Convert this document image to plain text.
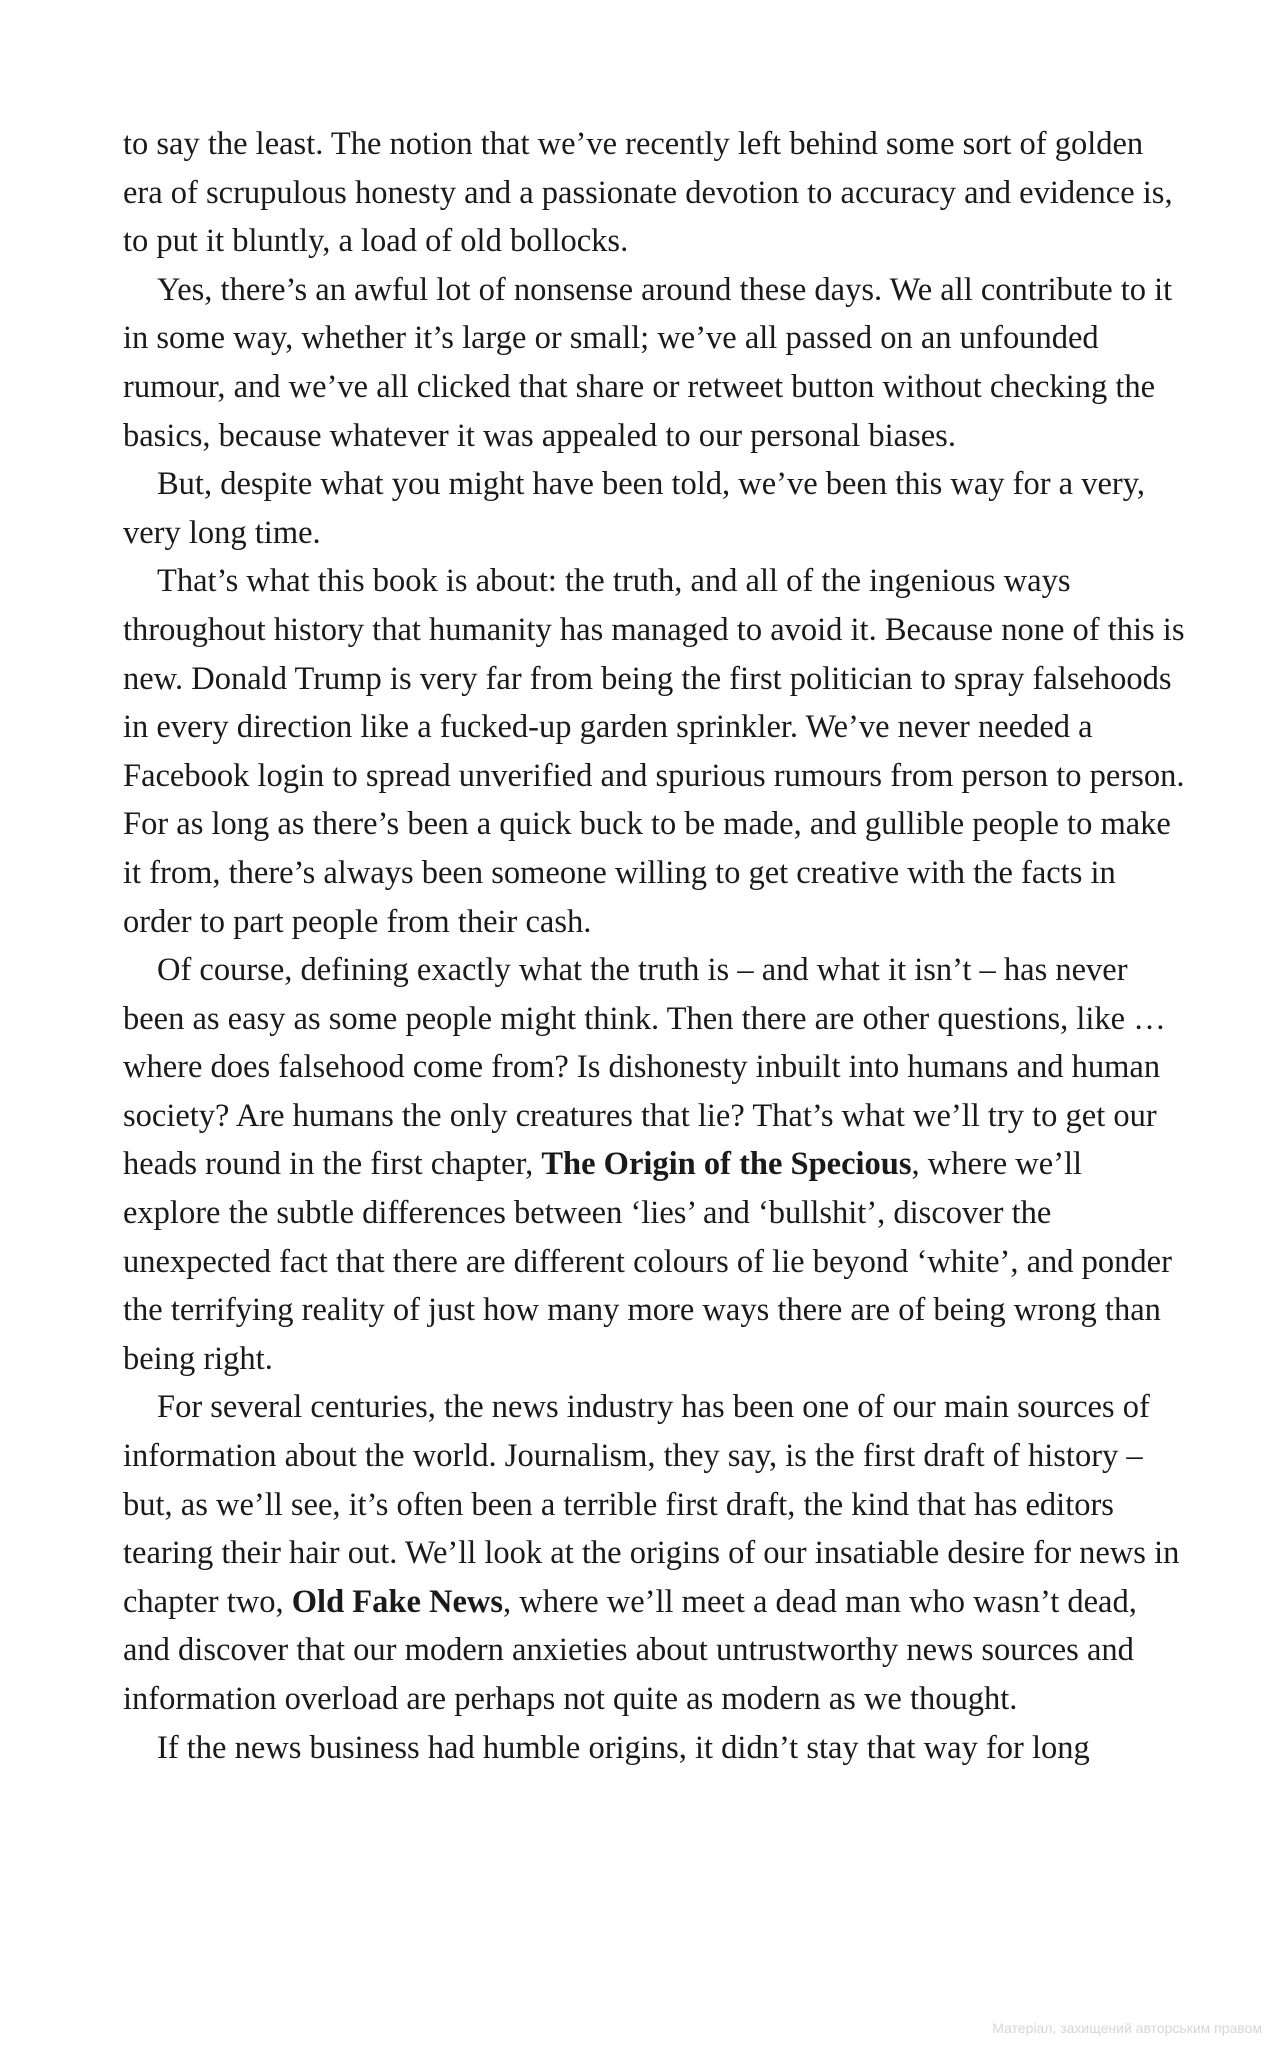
to say the least. The notion that we’ve recently left behind some sort of golden era of scrupulous honesty and a passionate devotion to accuracy and evidence is, to put it bluntly, a load of old bollocks.

Yes, there’s an awful lot of nonsense around these days. We all contribute to it in some way, whether it’s large or small; we’ve all passed on an unfounded rumour, and we’ve all clicked that share or retweet button without checking the basics, because whatever it was appealed to our personal biases.

But, despite what you might have been told, we’ve been this way for a very, very long time.

That’s what this book is about: the truth, and all of the ingenious ways throughout history that humanity has managed to avoid it. Because none of this is new. Donald Trump is very far from being the first politician to spray falsehoods in every direction like a fucked-up garden sprinkler. We’ve never needed a Facebook login to spread unverified and spurious rumours from person to person. For as long as there’s been a quick buck to be made, and gullible people to make it from, there’s always been someone willing to get creative with the facts in order to part people from their cash.

Of course, defining exactly what the truth is – and what it isn’t – has never been as easy as some people might think. Then there are other questions, like … where does falsehood come from? Is dishonesty inbuilt into humans and human society? Are humans the only creatures that lie? That’s what we’ll try to get our heads round in the first chapter, The Origin of the Specious, where we’ll explore the subtle differences between ‘lies’ and ‘bullshit’, discover the unexpected fact that there are different colours of lie beyond ‘white’, and ponder the terrifying reality of just how many more ways there are of being wrong than being right.

For several centuries, the news industry has been one of our main sources of information about the world. Journalism, they say, is the first draft of history – but, as we’ll see, it’s often been a terrible first draft, the kind that has editors tearing their hair out. We’ll look at the origins of our insatiable desire for news in chapter two, Old Fake News, where we’ll meet a dead man who wasn’t dead, and discover that our modern anxieties about untrustworthy news sources and information overload are perhaps not quite as modern as we thought.

If the news business had humble origins, it didn’t stay that way for long

Матеріал, захищений авторським правом
